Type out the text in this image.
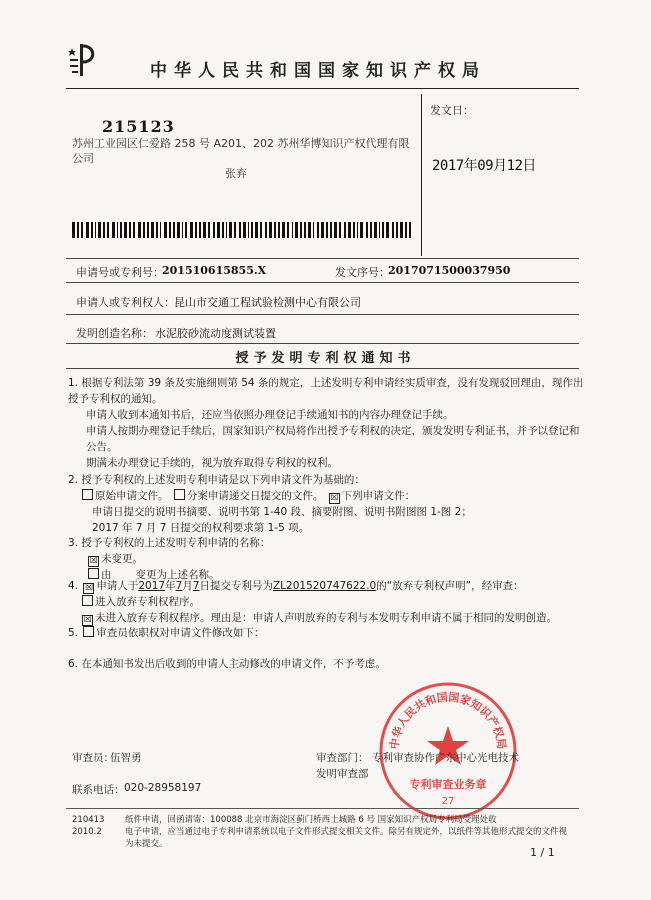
中华人民共和国国家知识产权局
215123
苏州工业园区仁爱路 258 号 A201、202 苏州华博知识产权代理有限公司
张弃
发文日：
2017年09月12日
申请号或专利号：
201510615855.X	发文序号：
2017071500037950
申请人或专利权人： 昆山市交通工程试验检测中心有限公司
发明创造名称： 水泥胶砂流动度测试装置
授予发明专利权通知书
1. 根据专利法第 39 条及实施细则第 54 条的规定，上述发明专利申请经实质审查，没有发现驳回理由，现作出授予专利权的通知。
申请人收到本通知书后，还应当依照办理登记手续通知书的内容办理登记手续。
申请人按期办理登记手续后，国家知识产权局将作出授予专利权的决定，颁发发明专利证书，并予以登记和公告。
期满未办理登记手续的，视为放弃取得专利权的权利。
2. 授予专利权的上述发明专利申请是以下列申请文件为基础的：
原始申请文件。 分案申请递交日提交的文件。 ☒ 下列申请文件：
申请日提交的说明书摘要、说明书第 1-40 段、摘要附图、说明书附图图 1-图 2；
2017 年 7 月 7 日提交的权利要求第 1-5 项。
3. 授予专利权的上述发明专利申请的名称：
☒ 未变更。
由 变更为上述名称。
4. ☒ 申请人于2017年7月7日提交专利号为ZL201520747622.0的“放弃专利权声明”，经审查：
进入放弃专利权程序。
☒ 未进入放弃专利权程序。理由是：申请人声明放弃的专利与本发明专利申请不属于相同的发明创造。
5. 审查员依职权对申请文件修改如下：
6. 在本通知书发出后收到的申请人主动修改的申请文件，不予考虑。
中华人民共和国国家知识产权局
专利审查业务章
27
审查员：
伍智勇	审查部门： 专利审查协作广东中心光电技术发明审查部
联系电话： 020-28958197
210413
2010.2
纸件申请，回函请寄：100088 北京市海淀区蓟门桥西土城路 6 号 国家知识产权局专利局受理处收
电子申请，应当通过电子专利申请系统以电子文件形式提交相关文件。除另有规定外，以纸件等其他形式提交的文件视为未提交。
1 / 1
